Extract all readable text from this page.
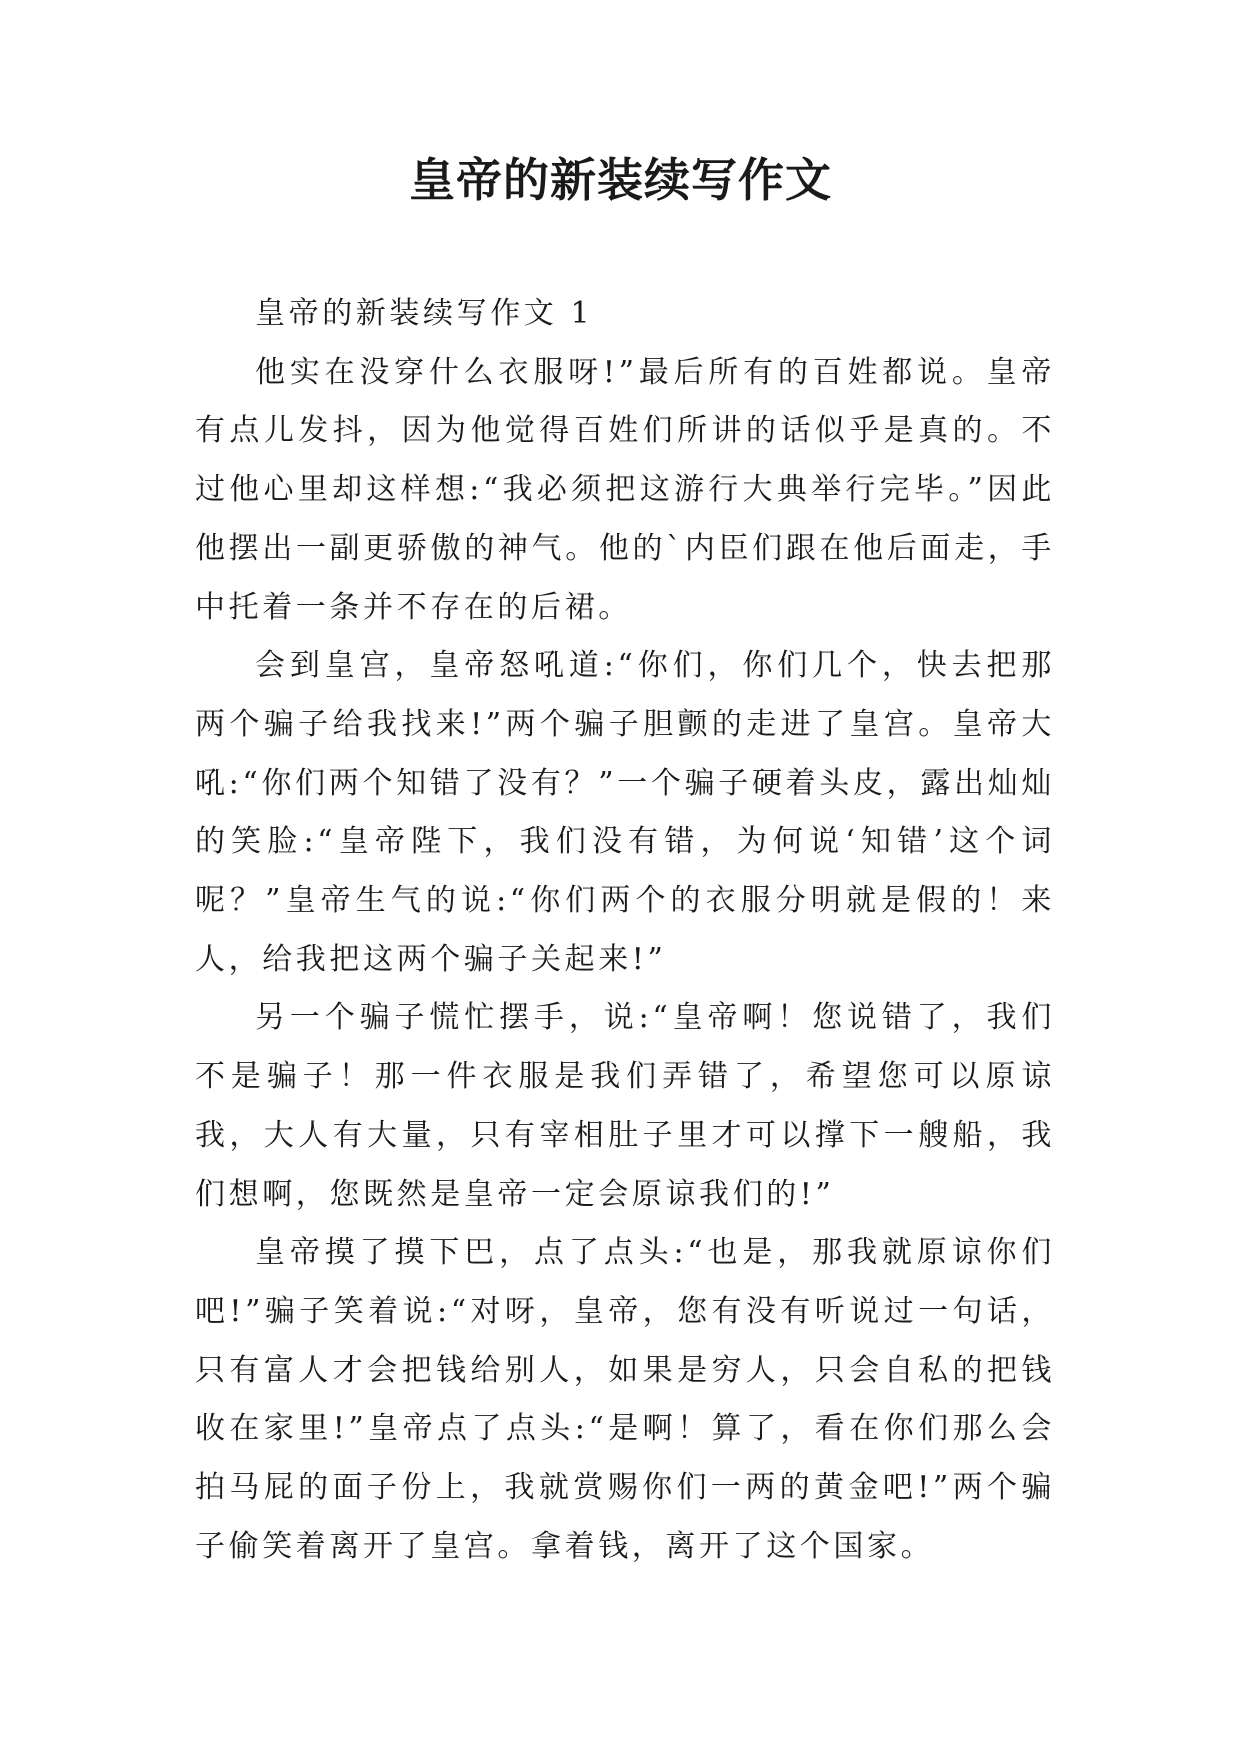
皇帝的新装续写作文

皇帝的新装续写作文 1

他实在没穿什么衣服呀!”最后所有的百姓都说。皇帝有点儿发抖，因为他觉得百姓们所讲的话似乎是真的。不过他心里却这样想:“我必须把这游行大典举行完毕。”因此他摆出一副更骄傲的神气。他的`内臣们跟在他后面走，手中托着一条并不存在的后裙。

会到皇宫，皇帝怒吼道:“你们，你们几个，快去把那两个骗子给我找来!”两个骗子胆颤的走进了皇宫。皇帝大吼:“你们两个知错了没有？”一个骗子硬着头皮，露出灿灿的笑脸:“皇帝陛下，我们没有错，为何说‘知错’这个词呢？”皇帝生气的说:“你们两个的衣服分明就是假的！来人，给我把这两个骗子关起来!”

另一个骗子慌忙摆手，说:“皇帝啊！您说错了，我们不是骗子！那一件衣服是我们弄错了，希望您可以原谅我，大人有大量，只有宰相肚子里才可以撑下一艘船，我们想啊，您既然是皇帝一定会原谅我们的!”

皇帝摸了摸下巴，点了点头:“也是，那我就原谅你们吧!”骗子笑着说:“对呀，皇帝，您有没有听说过一句话，只有富人才会把钱给别人，如果是穷人，只会自私的把钱收在家里!”皇帝点了点头:“是啊！算了，看在你们那么会拍马屁的面子份上，我就赏赐你们一两的黄金吧!”两个骗子偷笑着离开了皇宫。拿着钱，离开了这个国家。
